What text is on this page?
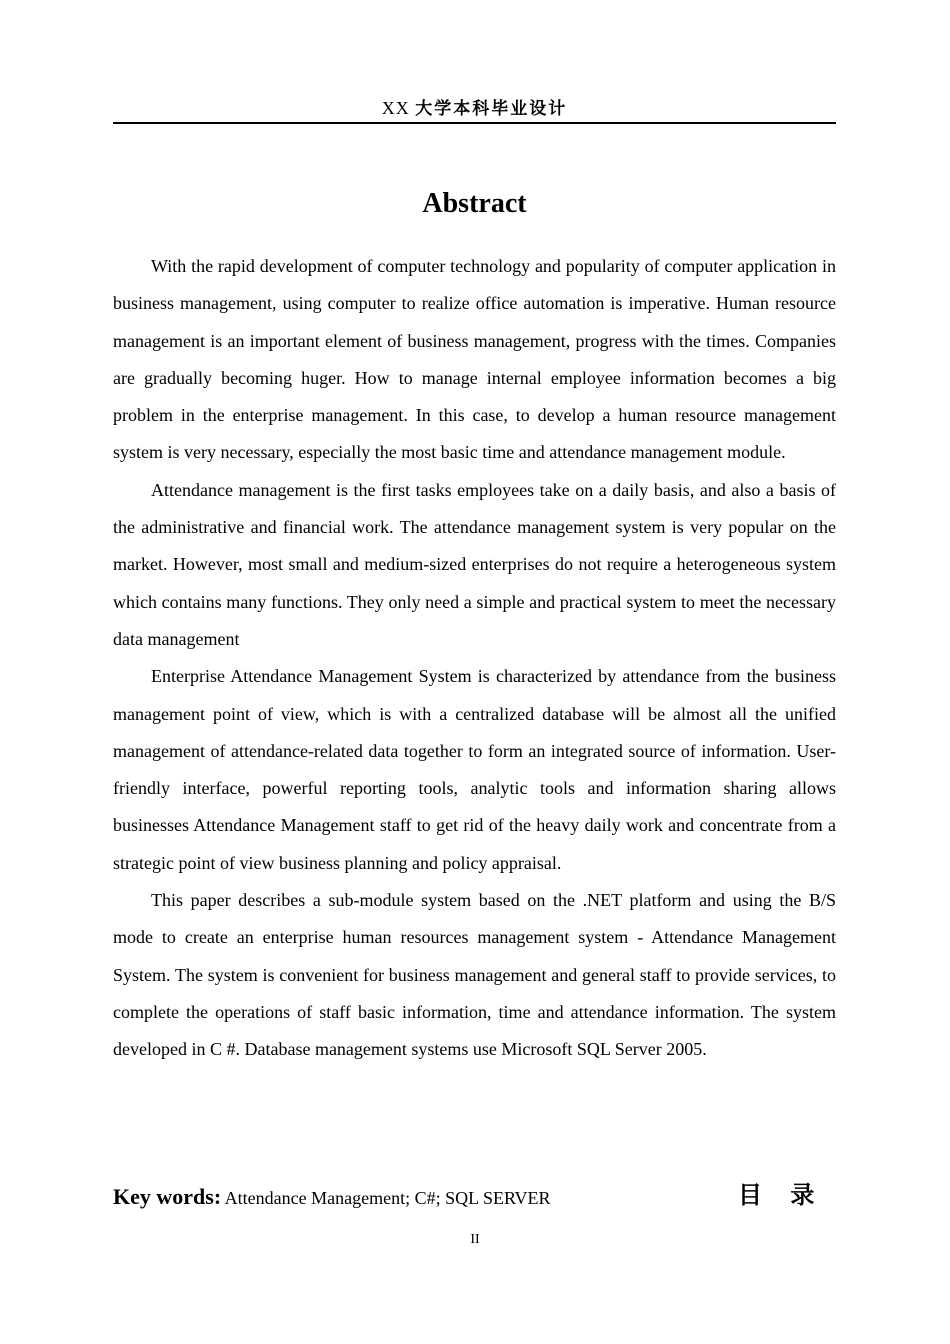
XX 大学本科毕业设计
Abstract

With the rapid development of computer technology and popularity of computer application in business management, using computer to realize office automation is imperative. Human resource management is an important element of business management, progress with the times. Companies are gradually becoming huger. How to manage internal employee information becomes a big problem in the enterprise management. In this case, to develop a human resource management system is very necessary, especially the most basic time and attendance management module.

Attendance management is the first tasks employees take on a daily basis, and also a basis of the administrative and financial work. The attendance management system is very popular on the market. However, most small and medium-sized enterprises do not require a heterogeneous system which contains many functions. They only need a simple and practical system to meet the necessary data management

Enterprise Attendance Management System is characterized by attendance from the business management point of view, which is with a centralized database will be almost all the unified management of attendance-related data together to form an integrated source of information. User-friendly interface, powerful reporting tools, analytic tools and information sharing allows businesses Attendance Management staff to get rid of the heavy daily work and concentrate from a strategic point of view business planning and policy appraisal.

This paper describes a sub-module system based on the .NET platform and using the B/S mode to create an enterprise human resources management system - Attendance Management System. The system is convenient for business management and general staff to provide services, to complete the operations of staff basic information, time and attendance information. The system developed in C #. Database management systems use Microsoft SQL Server 2005.

Key words: Attendance Management; C#; SQL SERVER	目 录
II
